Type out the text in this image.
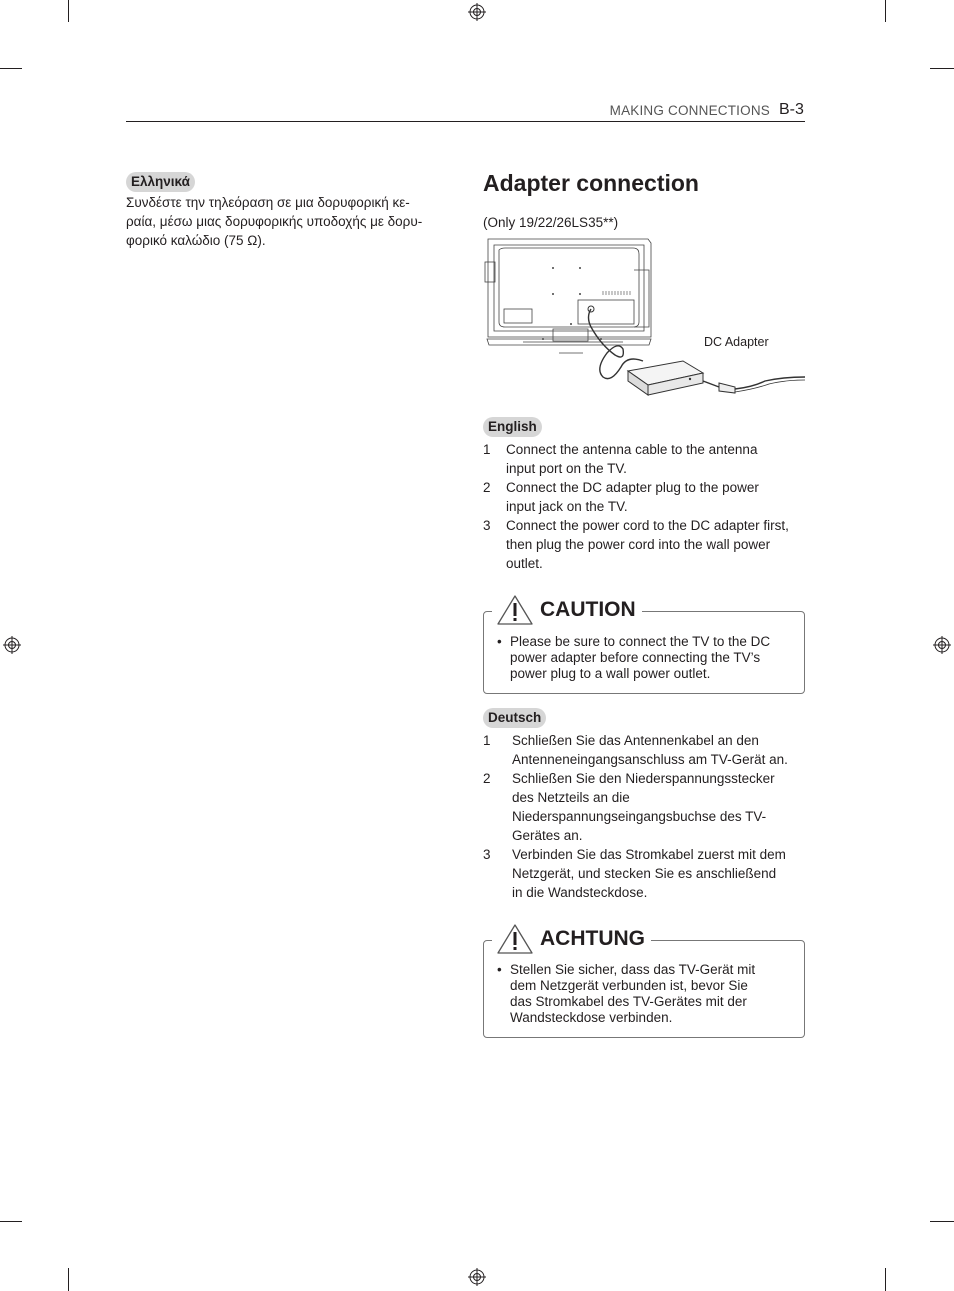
MAKING CONNECTIONS B-3
Ελληνικά
Συνδέστε την τηλεόραση σε μια δορυφορική κε-
ραία, μέσω μιας δορυφορικής υποδοχής με δορυ-
φορικό καλώδιο (75 Ω).
Adapter connection
(Only 19/22/26LS35**)
DC Adapter
English
1 Connect the antenna cable to the antenna
input port on the TV.
2 Connect the DC adapter plug to the power
input jack on the TV.
3 Connect the power cord to the DC adapter first,
then plug the power cord into the wall power
outlet.
CAUTION
• Please be sure to connect the TV to the DC
power adapter before connecting the TV’s
power plug to a wall power outlet.
Deutsch
1 Schließen Sie das Antennenkabel an den
Antenneneingangsanschluss am TV-Gerät an.
2 Schließen Sie den Niederspannungsstecker
des Netzteils an die
Niederspannungseingangsbuchse des TV-
Gerätes an.
3 Verbinden Sie das Stromkabel zuerst mit dem
Netzgerät, und stecken Sie es anschließend
in die Wandsteckdose.
ACHTUNG
• Stellen Sie sicher, dass das TV-Gerät mit
dem Netzgerät verbunden ist, bevor Sie
das Stromkabel des TV-Gerätes mit der
Wandsteckdose verbinden.
